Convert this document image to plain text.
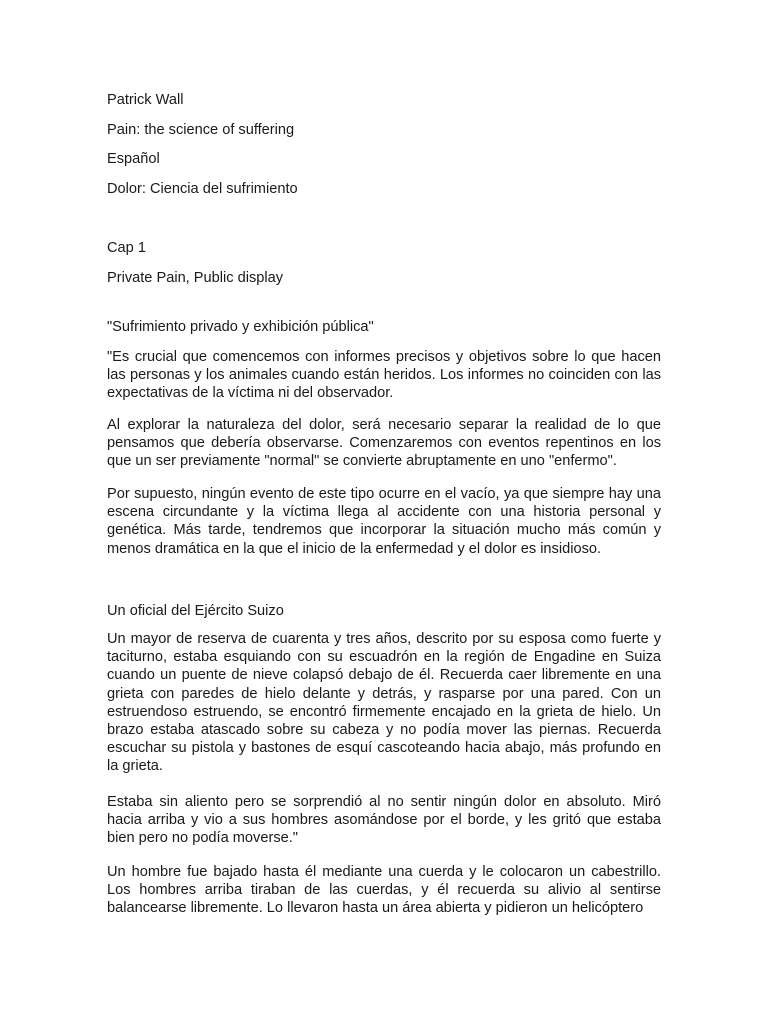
Patrick Wall

Pain: the science of suffering

Español

Dolor: Ciencia del sufrimiento

Cap 1

Private Pain, Public display

"Sufrimiento privado y exhibición pública"

"Es crucial que comencemos con informes precisos y objetivos sobre lo que hacen las personas y los animales cuando están heridos. Los informes no coinciden con las expectativas de la víctima ni del observador.

Al explorar la naturaleza del dolor, será necesario separar la realidad de lo que pensamos que debería observarse. Comenzaremos con eventos repentinos en los que un ser previamente "normal" se convierte abruptamente en uno "enfermo".

Por supuesto, ningún evento de este tipo ocurre en el vacío, ya que siempre hay una escena circundante y la víctima llega al accidente con una historia personal y genética. Más tarde, tendremos que incorporar la situación mucho más común y menos dramática en la que el inicio de la enfermedad y el dolor es insidioso.

Un oficial del Ejército Suizo

Un mayor de reserva de cuarenta y tres años, descrito por su esposa como fuerte y taciturno, estaba esquiando con su escuadrón en la región de Engadine en Suiza cuando un puente de nieve colapsó debajo de él. Recuerda caer libremente en una grieta con paredes de hielo delante y detrás, y rasparse por una pared. Con un estruendoso estruendo, se encontró firmemente encajado en la grieta de hielo. Un brazo estaba atascado sobre su cabeza y no podía mover las piernas. Recuerda escuchar su pistola y bastones de esquí cascoteando hacia abajo, más profundo en la grieta.

Estaba sin aliento pero se sorprendió al no sentir ningún dolor en absoluto. Miró hacia arriba y vio a sus hombres asomándose por el borde, y les gritó que estaba bien pero no podía moverse."

Un hombre fue bajado hasta él mediante una cuerda y le colocaron un cabestrillo. Los hombres arriba tiraban de las cuerdas, y él recuerda su alivio al sentirse balancearse libremente. Lo llevaron hasta un área abierta y pidieron un helicóptero
